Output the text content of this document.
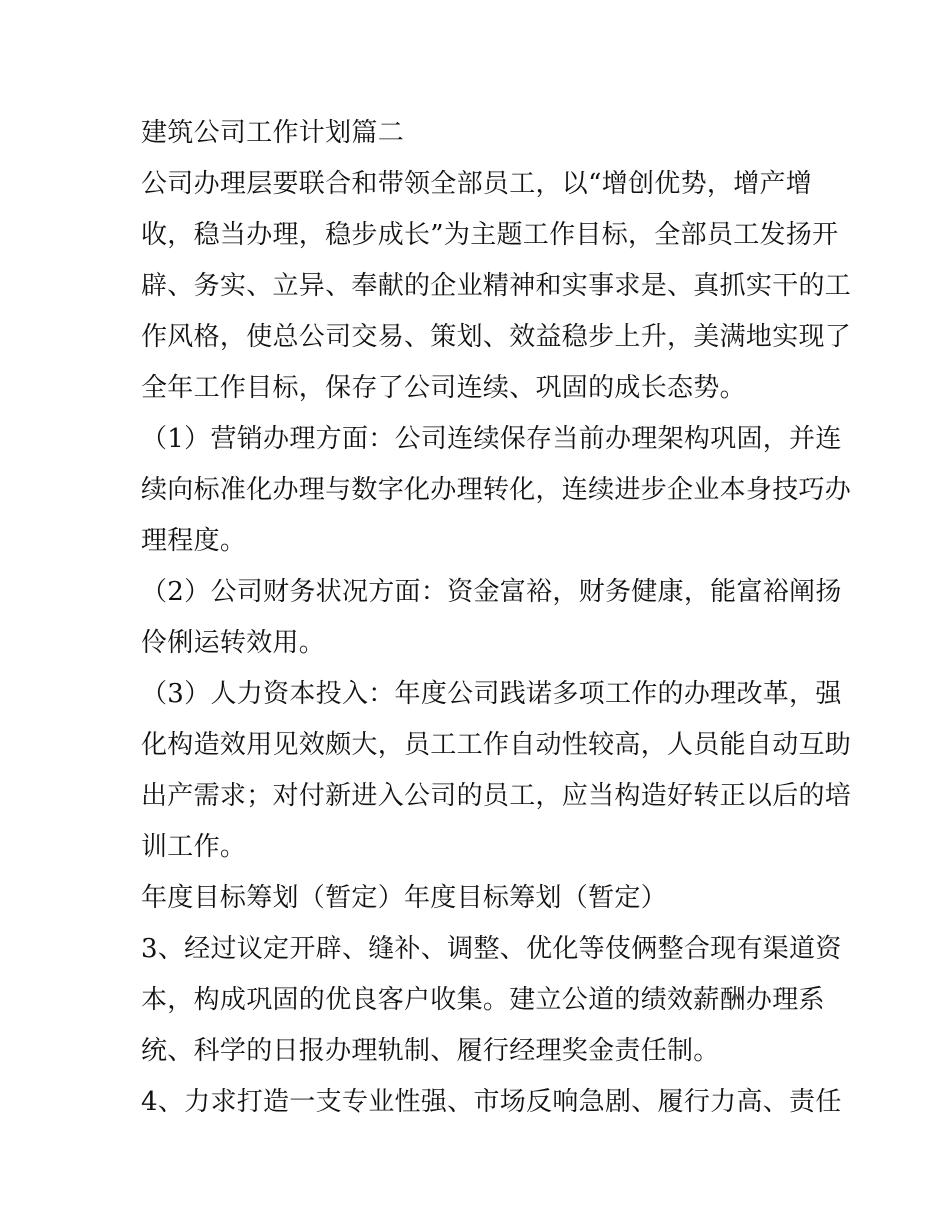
建筑公司工作计划篇二
公司办理层要联合和带领全部员工，以“增创优势，增产增
收，稳当办理，稳步成长”为主题工作目标，全部员工发扬开
辟、务实、立异、奉献的企业精神和实事求是、真抓实干的工
作风格，使总公司交易、策划、效益稳步上升，美满地实现了
全年工作目标，保存了公司连续、巩固的成长态势。
（1）营销办理方面：公司连续保存当前办理架构巩固，并连
续向标准化办理与数字化办理转化，连续进步企业本身技巧办
理程度。
（2）公司财务状况方面：资金富裕，财务健康，能富裕阐扬
伶俐运转效用。
（3）人力资本投入：年度公司践诺多项工作的办理改革，强
化构造效用见效颇大，员工工作自动性较高，人员能自动互助
出产需求；对付新进入公司的员工，应当构造好转正以后的培
训工作。
年度目标筹划（暂定）年度目标筹划（暂定）
3、经过议定开辟、缝补、调整、优化等伎俩整合现有渠道资
本，构成巩固的优良客户收集。建立公道的绩效薪酬办理系
统、科学的日报办理轨制、履行经理奖金责任制。
4、力求打造一支专业性强、市场反响急剧、履行力高、责任
